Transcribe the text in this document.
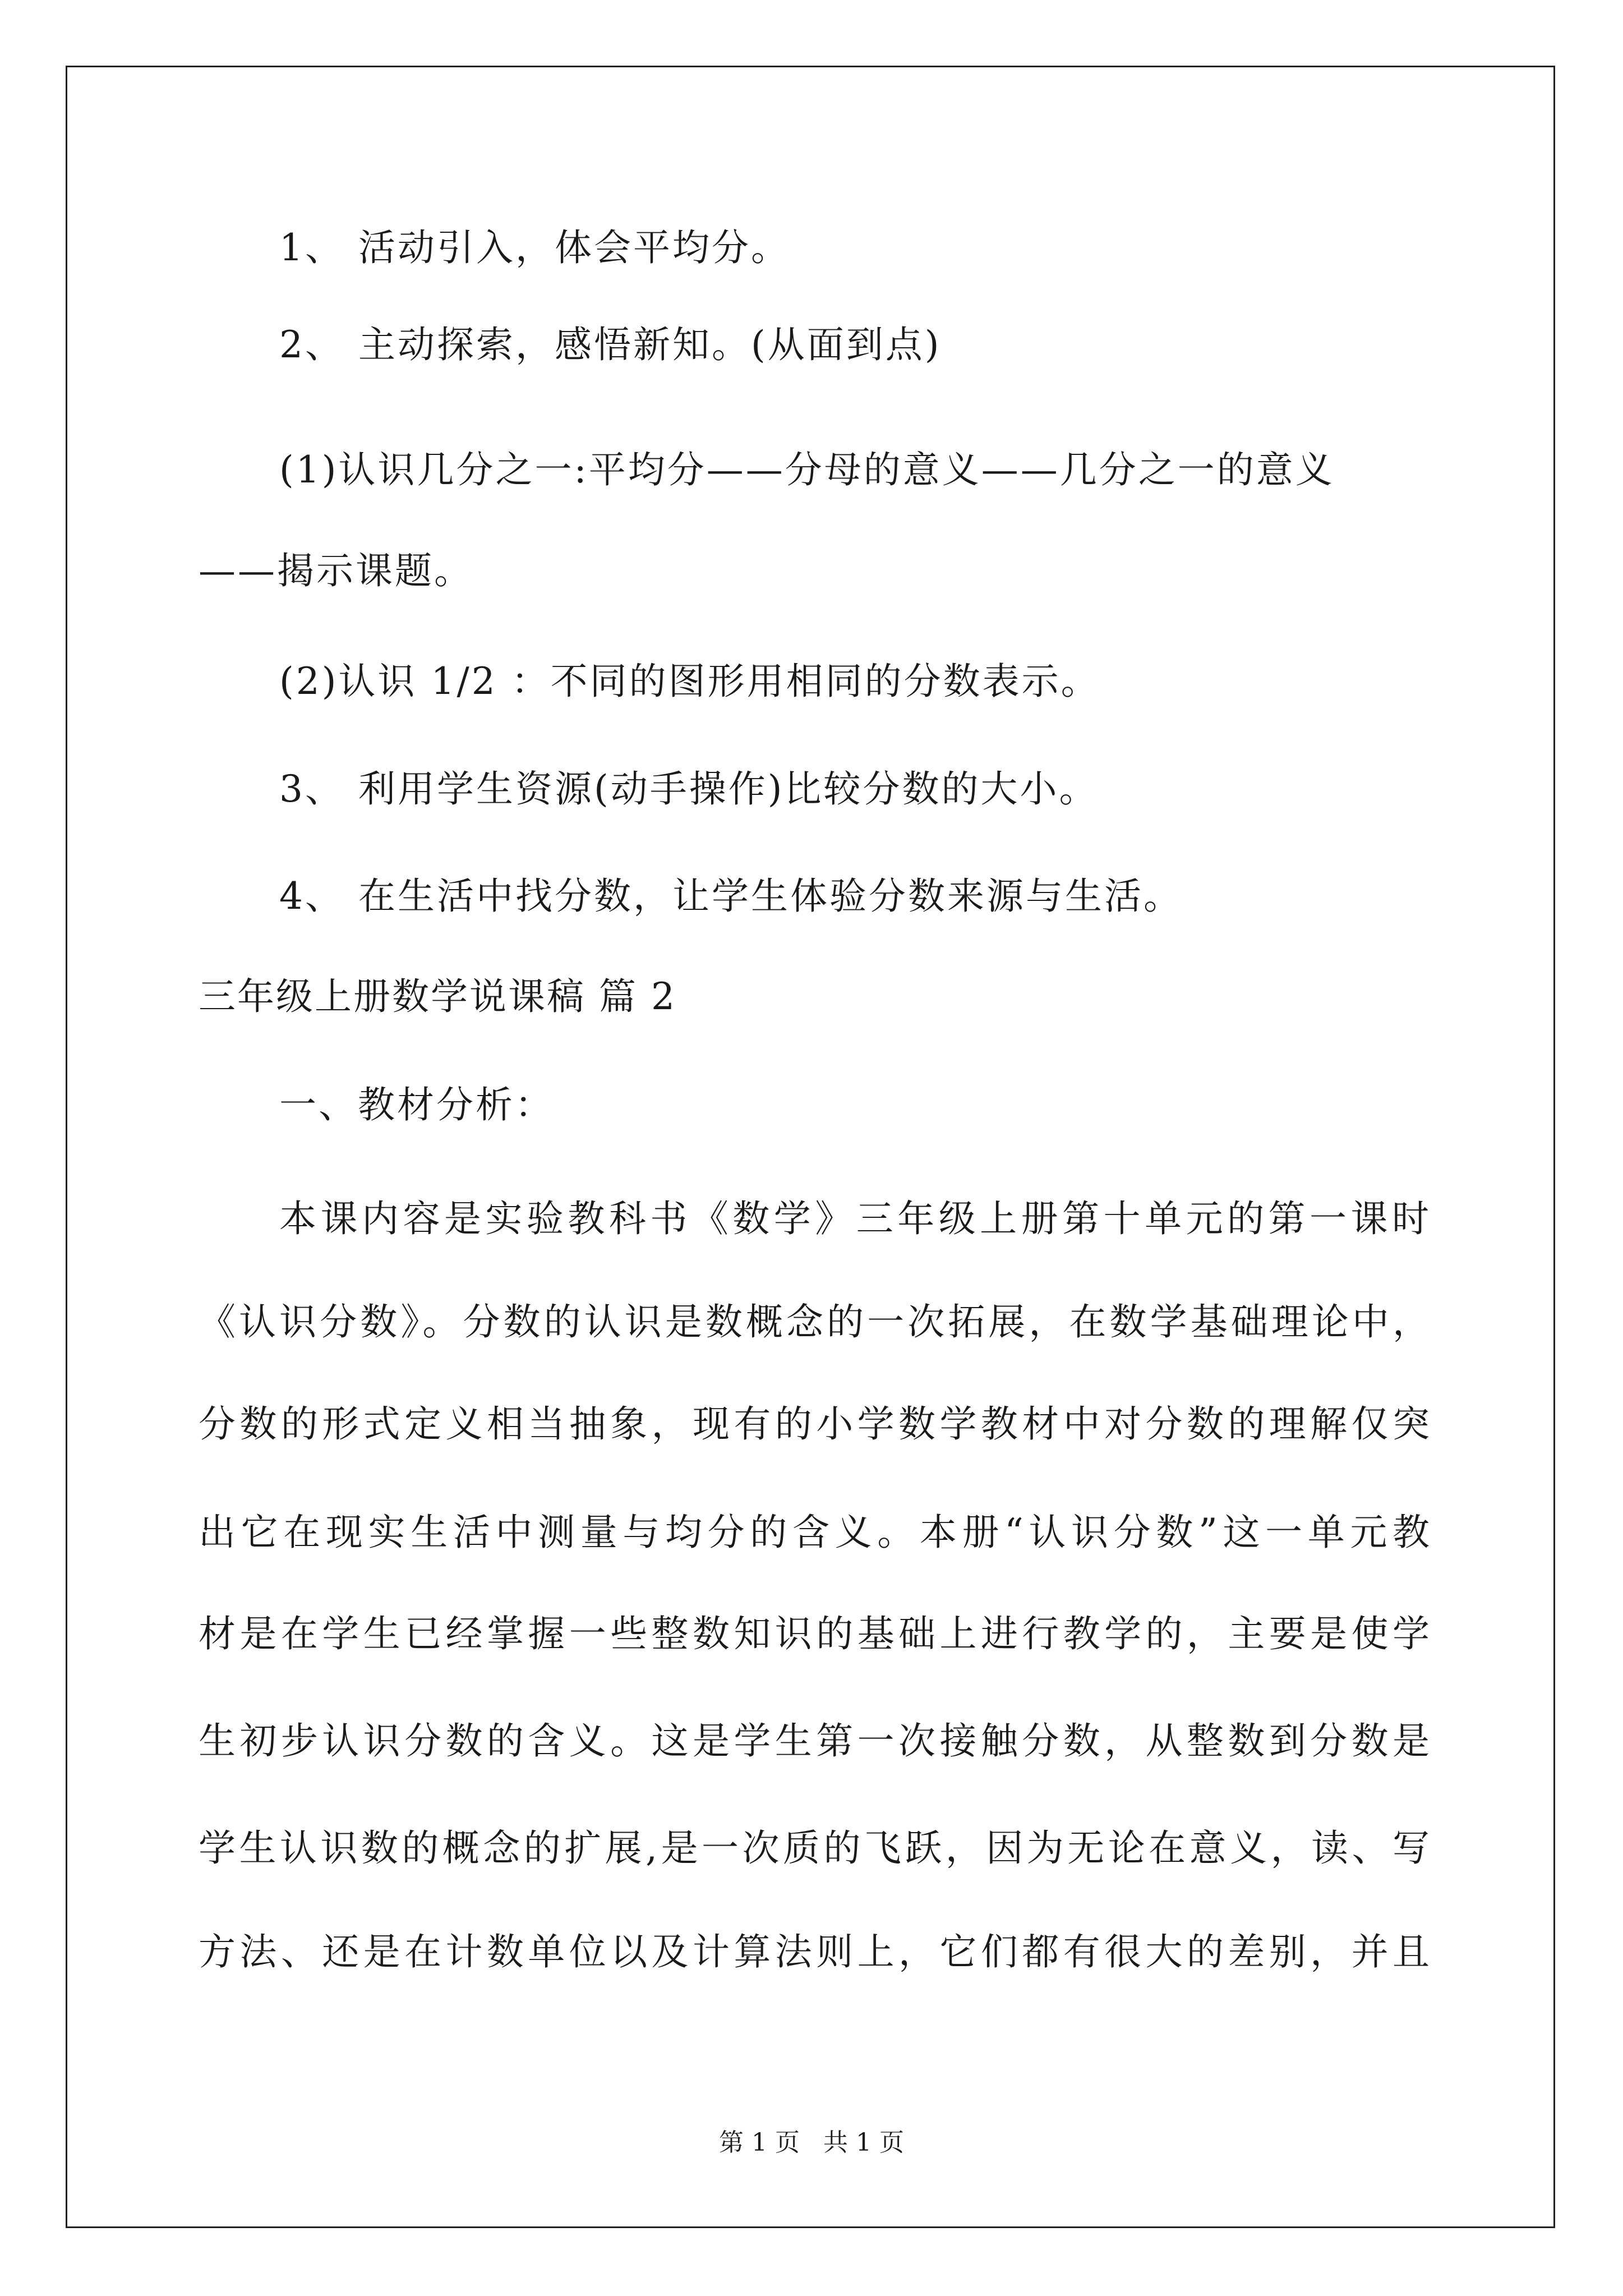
1、 活动引入，体会平均分。
2、 主动探索，感悟新知。(从面到点)
(1)认识几分之一:平均分——分母的意义——几分之一的意义
——揭示课题。
(2)认识 1/2 ：不同的图形用相同的分数表示。
3、 利用学生资源(动手操作)比较分数的大小。
4、 在生活中找分数，让学生体验分数来源与生活。
三年级上册数学说课稿 篇 2
一、教材分析：
本课内容是实验教科书《数学》三年级上册第十单元的第一课时
《认识分数》。分数的认识是数概念的一次拓展，在数学基础理论中，
分数的形式定义相当抽象，现有的小学数学教材中对分数的理解仅突
出它在现实生活中测量与均分的含义。本册“认识分数”这一单元教
材是在学生已经掌握一些整数知识的基础上进行教学的，主要是使学
生初步认识分数的含义。这是学生第一次接触分数，从整数到分数是
学生认识数的概念的扩展,是一次质的飞跃，因为无论在意义，读、写
方法、还是在计数单位以及计算法则上，它们都有很大的差别，并且
第 1 页 共 1 页
